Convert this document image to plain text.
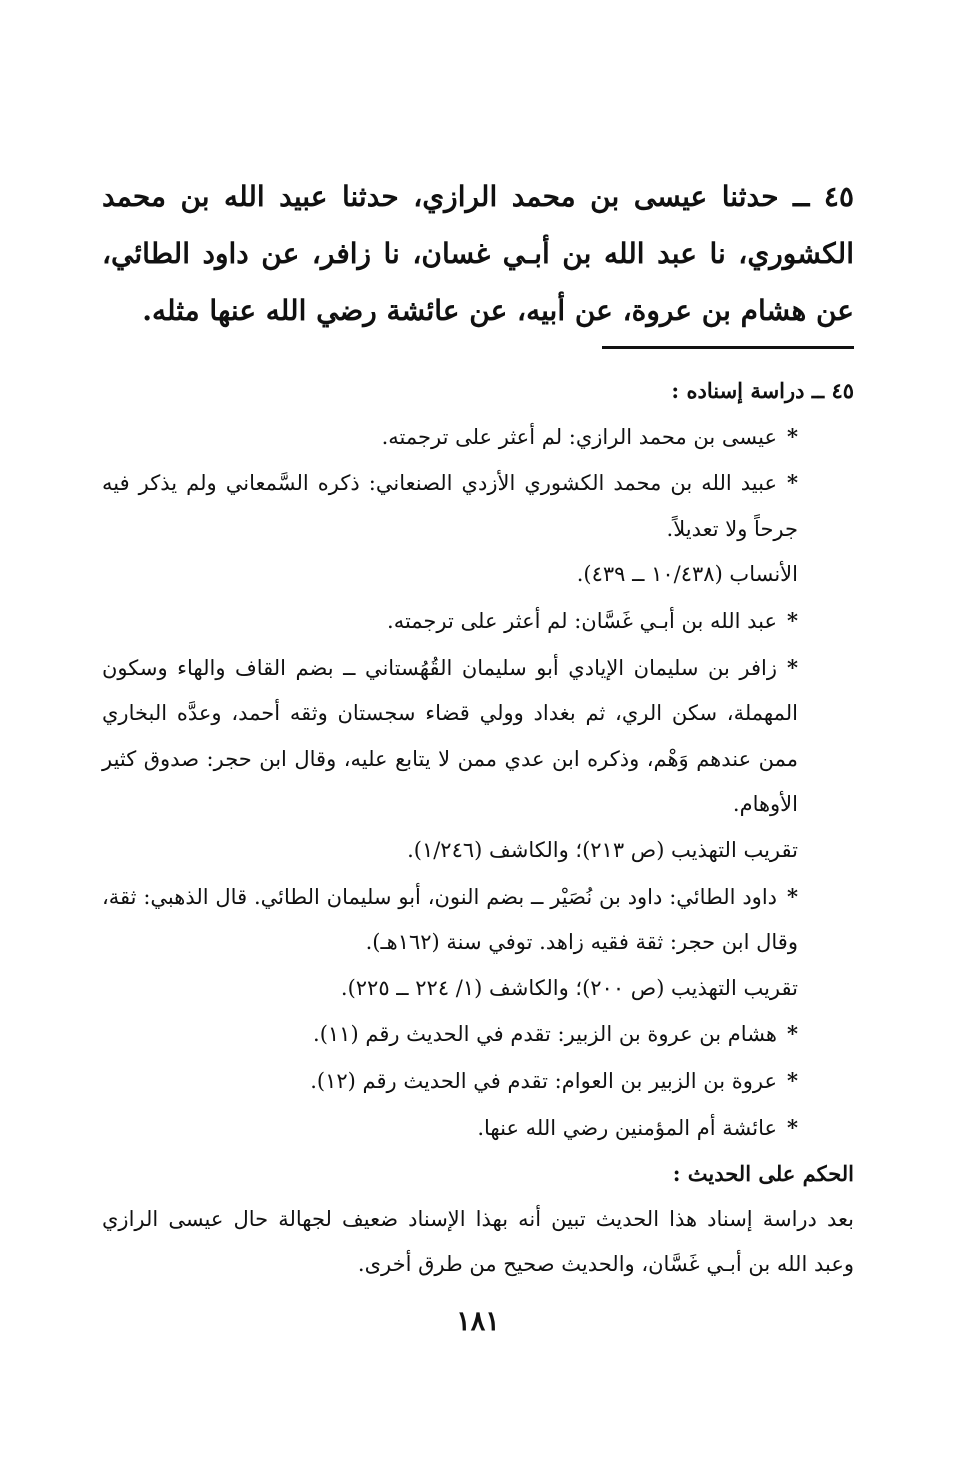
٤٥ ــ حدثنا عيسى بن محمد الرازي، حدثنا عبيد الله بن محمد الكشوري، نا عبد الله بن أبـي غسان، نا زافر، عن داود الطائي، عن هشام بن عروة، عن أبيه، عن عائشة رضي الله عنها مثله.

٤٥ ــ دراسة إسناده :

*عيسى بن محمد الرازي: لم أعثر على ترجمته.

*عبيد الله بن محمد الكشوري الأزدي الصنعاني: ذكره السَّمعاني ولم يذكر فيه جرحاً ولا تعديلاً.

الأنساب (١٠/٤٣٨ ــ ٤٣٩).

*عبد الله بن أبـي غَسَّان: لم أعثر على ترجمته.

*زافر بن سليمان الإيادي أبو سليمان القُهُستاني ــ بضم القاف والهاء وسكون المهملة، سكن الري، ثم بغداد وولي قضاء سجستان وثقه أحمد، وعدَّه البخاري ممن عندهم وَهْم، وذكره ابن عدي ممن لا يتابع عليه، وقال ابن حجر: صدوق كثير الأوهام.

تقريب التهذيب (ص ٢١٣)؛ والكاشف (١/٢٤٦).

*داود الطائي: داود بن نُصَيْر ــ بضم النون، أبو سليمان الطائي. قال الذهبي: ثقة، وقال ابن حجر: ثقة فقيه زاهد. توفي سنة (١٦٢هـ).

تقريب التهذيب (ص ٢٠٠)؛ والكاشف (١/ ٢٢٤ ــ ٢٢٥).

*هشام بن عروة بن الزبير: تقدم في الحديث رقم (١١).

*عروة بن الزبير بن العوام: تقدم في الحديث رقم (١٢).

*عائشة أم المؤمنين رضي الله عنها.

الحكم على الحديث :

بعد دراسة إسناد هذا الحديث تبين أنه بهذا الإسناد ضعيف لجهالة حال عيسى الرازي وعبد الله بن أبـي غَسَّان، والحديث صحيح من طرق أخرى.

١٨١
